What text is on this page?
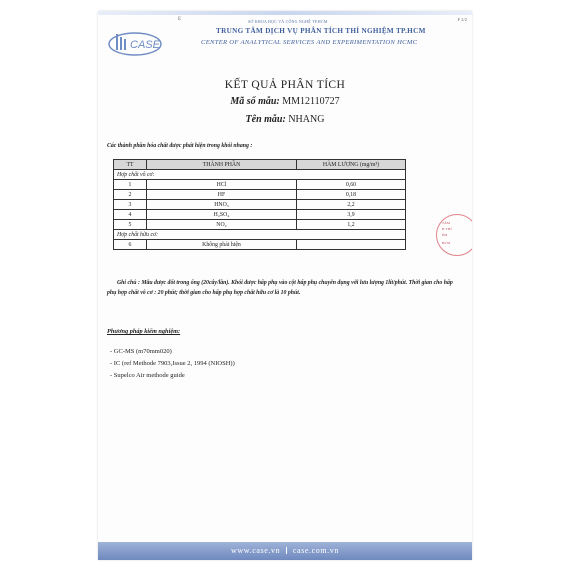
CASE
E	SỞ KHOA HỌC VÀ CÔNG NGHỆ TP.HCM
TRUNG TÂM DỊCH VỤ PHÂN TÍCH THÍ NGHIỆM TP.HCM
CENTER OF ANALYTICAL SERVICES AND EXPERIMENTATION HCMC
F 2/2
KẾT QUẢ PHÂN TÍCH
Mã số mẫu: MM12110727
Tên mẫu: NHANG
Các thành phần hóa chất được phát hiện trong khói nhang :
TT	THÀNH PHẦN	HÀM LƯỢNG (mg/m³)
Hợp chất vô cơ:		
1	HCl	0,60
2	HF	0,18
3	HNO₃	2,2
4	H₂SO₄	3,9
5	NO₂	1,2
Hợp chất hữu cơ:		
6	Không phát hiện	
TÂM
H THÍ
ỆM
HCM
Ghi chú : Mẫu được đốt trong ống (20cây/lần). Khói được hấp phụ vào cột hấp phụ chuyên dụng với lưu lượng 1lít/phút. Thời gian cho hấp phụ hợp chất vô cơ : 20 phút; thời gian cho hấp phụ hợp chất hữu cơ là 10 phút.
Phương pháp kiểm nghiệm:
- GC-MS (m70mm020)
- IC (ref Methode 7903,Issue 2, 1994 (NIOSH))
- Supelco Air methode guide
www.case.vn case.com.vn
